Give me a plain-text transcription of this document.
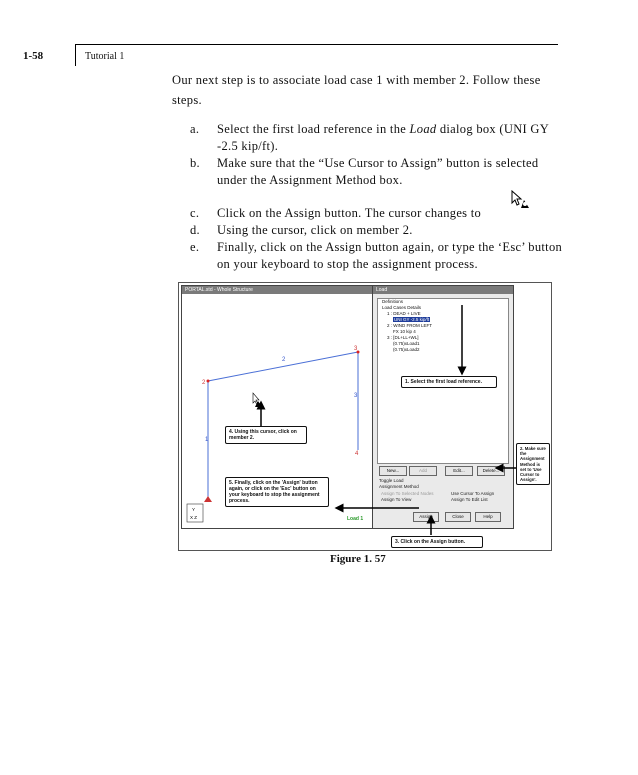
1-58	Tutorial 1
Our next step is to associate load case 1 with member 2. Follow these steps.
a. Select the first load reference in the Load dialog box (UNI GY -2.5 kip/ft).
b. Make sure that the “Use Cursor to Assign” button is selected under the Assignment Method box.
c. Click on the Assign button. The cursor changes to
d. Using the cursor, click on member 2.
e. Finally, click on the Assign button again, or type the ‘Esc’ button on your keyboard to stop the assignment process.
PORTAL.std - Whole Structure
1
2
3
4
2
3
Load 1
Y
X Z
Load
Definitions
Load Cases Details
1 : DEAD + LIVE
UNI GY -2.5 kip/ft
2 : WIND FROM LEFT
FX 10 kip 4
3 : [DL+LL+WL]
(0.75)xLoad1
(0.75)xLoad2
New...	Add	Edit...	Delete...
Toggle Load
Assignment Method
Assign To Selected Nodes	Use Cursor To Assign
Assign To View	Assign To Edit List
Assign	Close	Help
1. Select the first load reference.
2. Make sure the Assignment Method is set to 'Use Cursor to Assign'.
3. Click on the Assign button.
4. Using this cursor, click on member 2.
5. Finally, click on the 'Assign' button again, or click on the 'Esc' button on your keyboard to stop the assignment process.
Figure 1. 57
